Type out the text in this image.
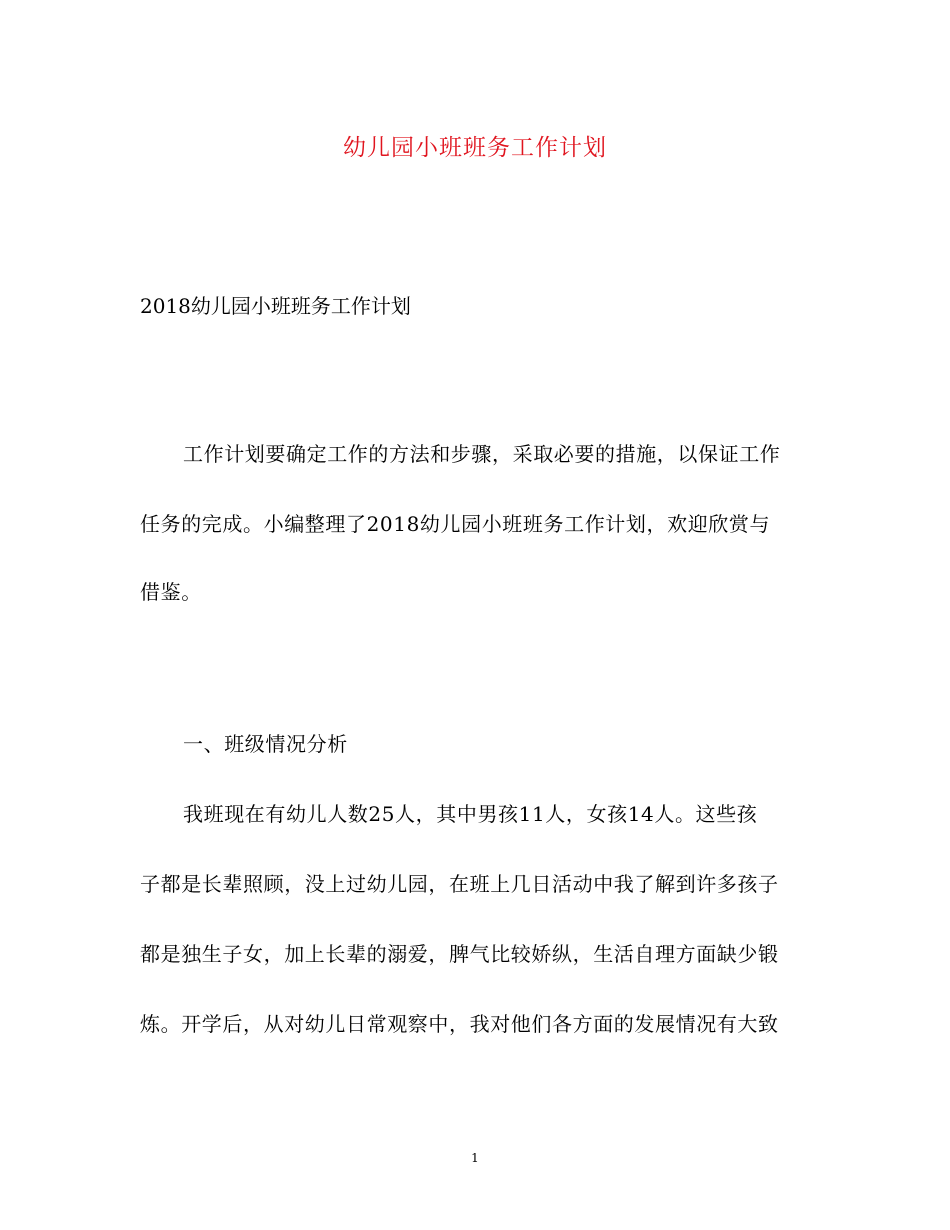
幼儿园小班班务工作计划
2018幼儿园小班班务工作计划
工作计划要确定工作的方法和步骤，采取必要的措施，以保证工作
任务的完成。小编整理了2018幼儿园小班班务工作计划，欢迎欣赏与
借鉴。
一、班级情况分析
我班现在有幼儿人数25人，其中男孩11人，女孩14人。这些孩
子都是长辈照顾，没上过幼儿园，在班上几日活动中我了解到许多孩子
都是独生子女，加上长辈的溺爱，脾气比较娇纵，生活自理方面缺少锻
炼。开学后，从对幼儿日常观察中，我对他们各方面的发展情况有大致
1
